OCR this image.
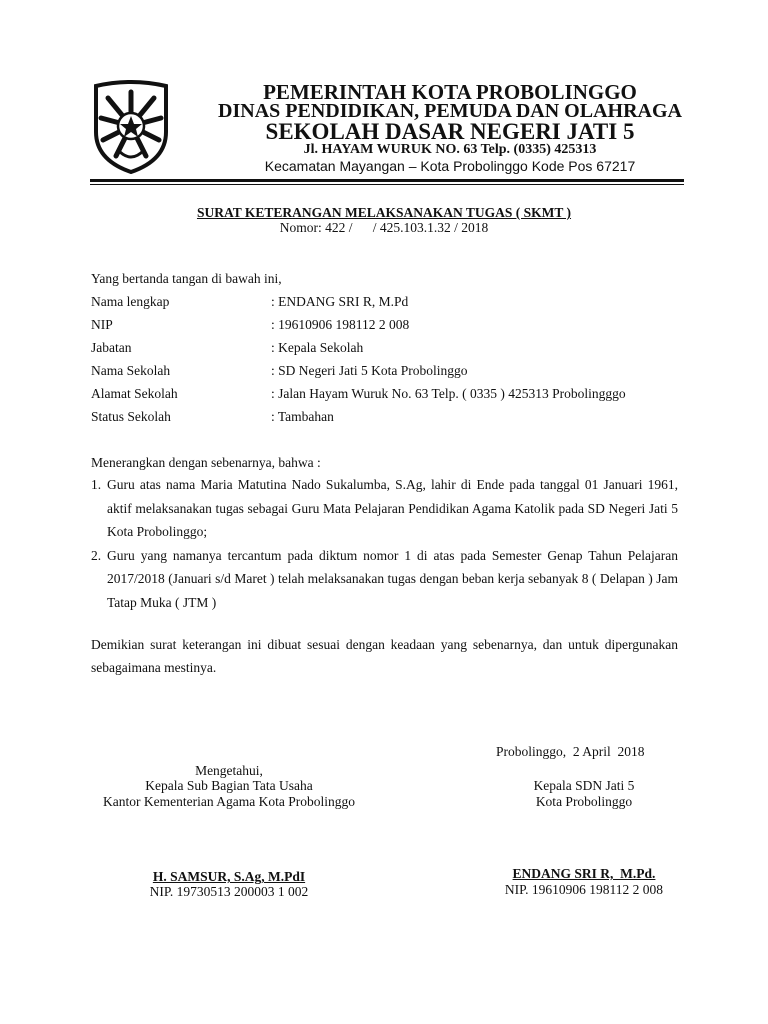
PEMERINTAH KOTA PROBOLINGGO
DINAS PENDIDIKAN, PEMUDA DAN OLAHRAGA
SEKOLAH DASAR NEGERI JATI 5
Jl. HAYAM WURUK NO. 63 Telp. (0335) 425313
Kecamatan Mayangan – Kota Probolinggo Kode Pos 67217
SURAT KETERANGAN MELAKSANAKAN TUGAS ( SKMT )
Nomor: 422 /      / 425.103.1.32 / 2018
Yang bertanda tangan di bawah ini,
Nama lengkap	: ENDANG SRI R, M.Pd
NIP	: 19610906 198112 2 008
Jabatan	: Kepala Sekolah
Nama Sekolah	: SD Negeri Jati 5 Kota Probolinggo
Alamat Sekolah	: Jalan Hayam Wuruk No. 63 Telp. ( 0335 ) 425313 Probolingggo
Status Sekolah	: Tambahan
Menerangkan dengan sebenarnya, bahwa :
1. Guru atas nama Maria Matutina Nado Sukalumba, S.Ag, lahir di Ende pada tanggal 01 Januari 1961, aktif melaksanakan tugas sebagai Guru Mata Pelajaran Pendidikan Agama Katolik pada SD Negeri Jati 5 Kota Probolinggo;
2. Guru yang namanya tercantum pada diktum nomor 1 di atas pada Semester Genap Tahun Pelajaran 2017/2018 (Januari s/d Maret ) telah melaksanakan tugas dengan beban kerja sebanyak 8 ( Delapan ) Jam Tatap Muka ( JTM )
Demikian surat keterangan ini dibuat sesuai dengan keadaan yang sebenarnya, dan untuk dipergunakan sebagaimana mestinya.
Probolinggo,  2 April  2018
Mengetahui,
Kepala Sub Bagian Tata Usaha
Kantor Kementerian Agama Kota Probolinggo
H. SAMSUR, S.Ag, M.PdI
NIP. 19730513 200003 1 002
Kepala SDN Jati 5
Kota Probolinggo
ENDANG SRI R,  M.Pd.
NIP. 19610906 198112 2 008
